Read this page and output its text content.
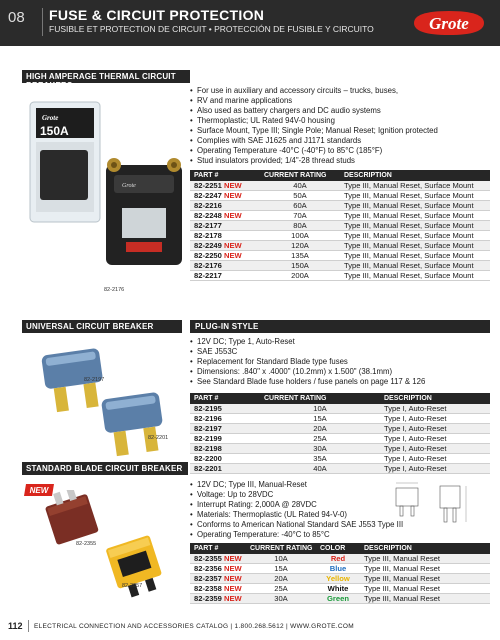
08 FUSE & CIRCUIT PROTECTION
FUSIBLE ET PROTECTION DE CIRCUIT • PROTECCIÓN DE FUSIBLE Y CIRCUITO	Grote
HIGH AMPERAGE THERMAL CIRCUIT BREAKERS
Grote
150A
Grote
82-2176
• For use in auxiliary and accessory circuits – trucks, buses,
• RV and marine applications
• Also used as battery chargers and DC audio systems
• Thermoplastic; UL Rated 94V-0 housing
• Surface Mount, Type III; Single Pole; Manual Reset; Ignition protected
• Complies with SAE J1625 and J1171 standards
• Operating Temperature -40°C (-40°F) to 85°C (185°F)
• Stud insulators provided; 1/4"-28 thread studs
PART #	CURRENT RATING	DESCRIPTION
82-2251 NEW	40A	Type III, Manual Reset, Surface Mount
82-2247 NEW	50A	Type III, Manual Reset, Surface Mount
82-2216	60A	Type III, Manual Reset, Surface Mount
82-2248 NEW	70A	Type III, Manual Reset, Surface Mount
82-2177	80A	Type III, Manual Reset, Surface Mount
82-2178	100A	Type III, Manual Reset, Surface Mount
82-2249 NEW	120A	Type III, Manual Reset, Surface Mount
82-2250 NEW	135A	Type III, Manual Reset, Surface Mount
82-2176	150A	Type III, Manual Reset, Surface Mount
82-2217	200A	Type III, Manual Reset, Surface Mount
UNIVERSAL CIRCUIT BREAKER	PLUG-IN STYLE
82-2197
82-2201
• 12V DC; Type 1, Auto-Reset
• SAE J553C
• Replacement for Standard Blade type fuses
• Dimensions: .840" x .4000" (10.2mm) x 1.500" (38.1mm)
• See Standard Blade fuse holders / fuse panels on page 117 & 126
PART #	CURRENT RATING	DESCRIPTION
82-2195	10A	Type I, Auto-Reset
82-2196	15A	Type I, Auto-Reset
82-2197	20A	Type I, Auto-Reset
82-2199	25A	Type I, Auto-Reset
82-2198	30A	Type I, Auto-Reset
82-2200	35A	Type I, Auto-Reset
82-2201	40A	Type I, Auto-Reset
STANDARD BLADE CIRCUIT BREAKER
NEW
82-2355
82-2357
• 12V DC; Type III, Manual-Reset
• Voltage: Up to 28VDC
• Interrupt Rating: 2,000A @ 28VDC
• Materials: Thermoplastic (UL Rated 94-V-0)
• Conforms to American National Standard SAE J553 Type III
• Operating Temperature: -40°C to 85°C
PART #	CURRENT RATING	COLOR	DESCRIPTION
82-2355 NEW	10A	Red	Type III, Manual Reset
82-2356 NEW	15A	Blue	Type III, Manual Reset
82-2357 NEW	20A	Yellow	Type III, Manual Reset
82-2358 NEW	25A	White	Type III, Manual Reset
82-2359 NEW	30A	Green	Type III, Manual Reset
112 ELECTRICAL CONNECTION AND ACCESSORIES CATALOG | 1.800.268.5612 | WWW.GROTE.COM
